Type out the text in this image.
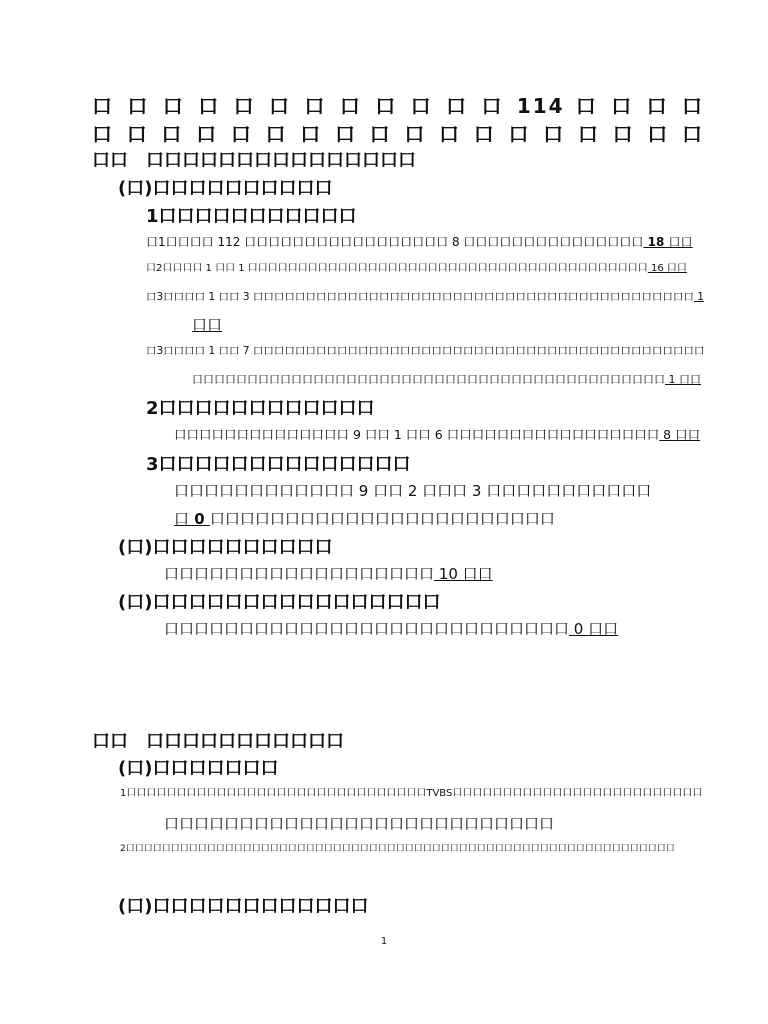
口 口 口 口 口 口 口 口 口 口 口 口 114 口 口 口 口
口 口 口 口 口 口 口 口 口 口 口 口 口 口 口 口 口 口
口口　口口口口口口口口口口口口口口口
(口)口口口口口口口口口口
1口口口口口口口口口口口
口1口口口口 112 口口口口口口口口口口口口口口口口口 8 口口口口口口口口口口口口口口口 18 口口
口2口口口口 1 口口 1 口口口口口口口口口口口口口口口口口口口口口口口口口口口口口口口口口口口口口口口口 16 口口
口3口口口口 1 口口 3 口口口口口口口口口口口口口口口口口口口口口口口口口口口口口口口口口口口口口口口口口口 1
口口
口3口口口口 1 口口 7 口口口口口口口口口口口口口口口口口口口口口口口口口口口口口口口口口口口口口口口口口口口
口口口口口口口口口口口口口口口口口口口口口口口口口口口口口口口口口口口口口口口口口口口 1 口口
2口口口口口口口口口口口口
口口口口口口口口口口口口口口 9 口口 1 口口 6 口口口口口口口口口口口口口口口口口 8 口口
3口口口口口口口口口口口口口口
口口口口口口口口口口口口 9 口口 2 口口口 3 口口口口口口口口口口口
口 0 口口口口口口口口口口口口口口口口口口口口口口口
(口)口口口口口口口口口口
口口口口口口口口口口口口口口口口口口 10 口口
(口)口口口口口口口口口口口口口口口口
口口口口口口口口口口口口口口口口口口口口口口口口口口口 0 口口
口口　口口口口口口口口口口口
(口)口口口口口口口
1口口口口口口口口口口口口口口口口口口口口口口口口口口口口口口TVBS口口口口口口口口口口口口口口口口口口口口口口口口口
口口口口口口口口口口口口口口口口口口口口口口口口口口
2口口口口口口口口口口口口口口口口口口口口口口口口口口口口口口口口口口口口口口口口口口口口口口口口口口口口口口口口口口口口口
(口)口口口口口口口口口口口口
1
